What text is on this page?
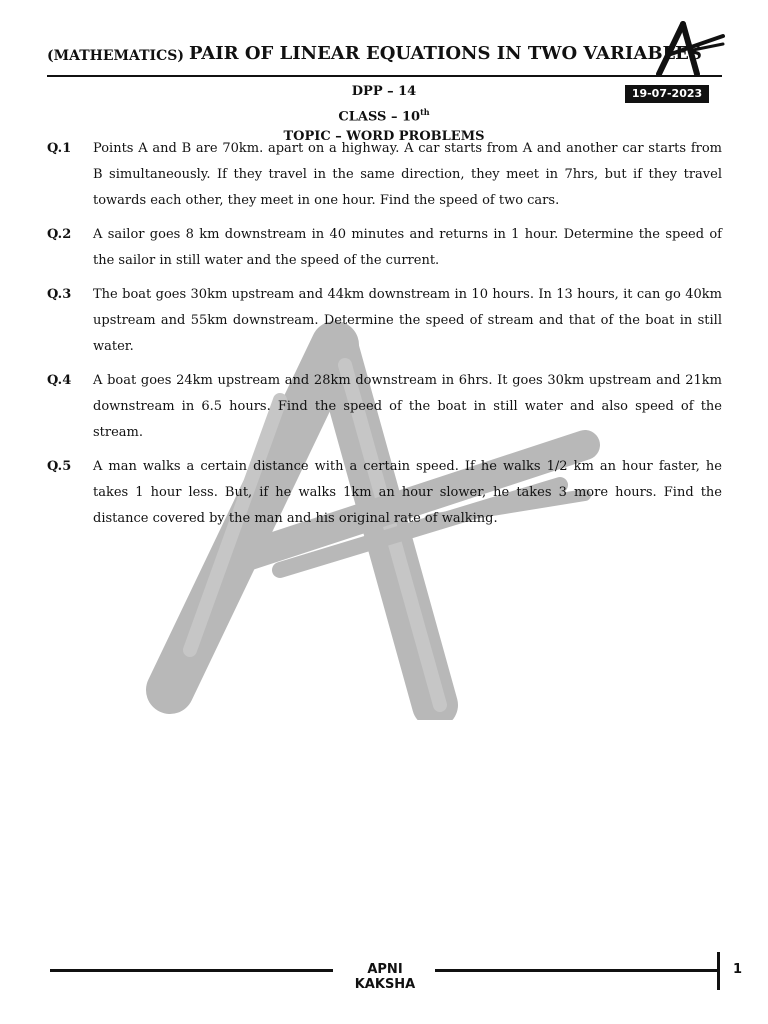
(MATHEMATICS) PAIR OF LINEAR EQUATIONS IN TWO VARIABLES
19-07-2023
DPP – 14
CLASS – 10th
TOPIC – WORD PROBLEMS
Q.1	Points A and B are 70km. apart on a highway. A car starts from A and another car starts from B simultaneously. If they travel in the same direction, they meet in 7hrs, but if they travel towards each other, they meet in one hour. Find the speed of two cars.
Q.2	A sailor goes 8 km downstream in 40 minutes and returns in 1 hour. Determine the speed of the sailor in still water and the speed of the current.
Q.3	The boat goes 30km upstream and 44km downstream in 10 hours. In 13 hours, it can go 40km upstream and 55km downstream. Determine the speed of stream and that of the boat in still water.
Q.4	A boat goes 24km upstream and 28km downstream in 6hrs. It goes 30km upstream and 21km downstream in 6.5 hours. Find the speed of the boat in still water and also speed of the stream.
Q.5	A man walks a certain distance with a certain speed. If he walks 1/2 km an hour faster, he takes 1 hour less. But, if he walks 1km an hour slower, he takes 3 more hours. Find the distance covered by the man and his original rate of walking.
APNI KAKSHA
1
